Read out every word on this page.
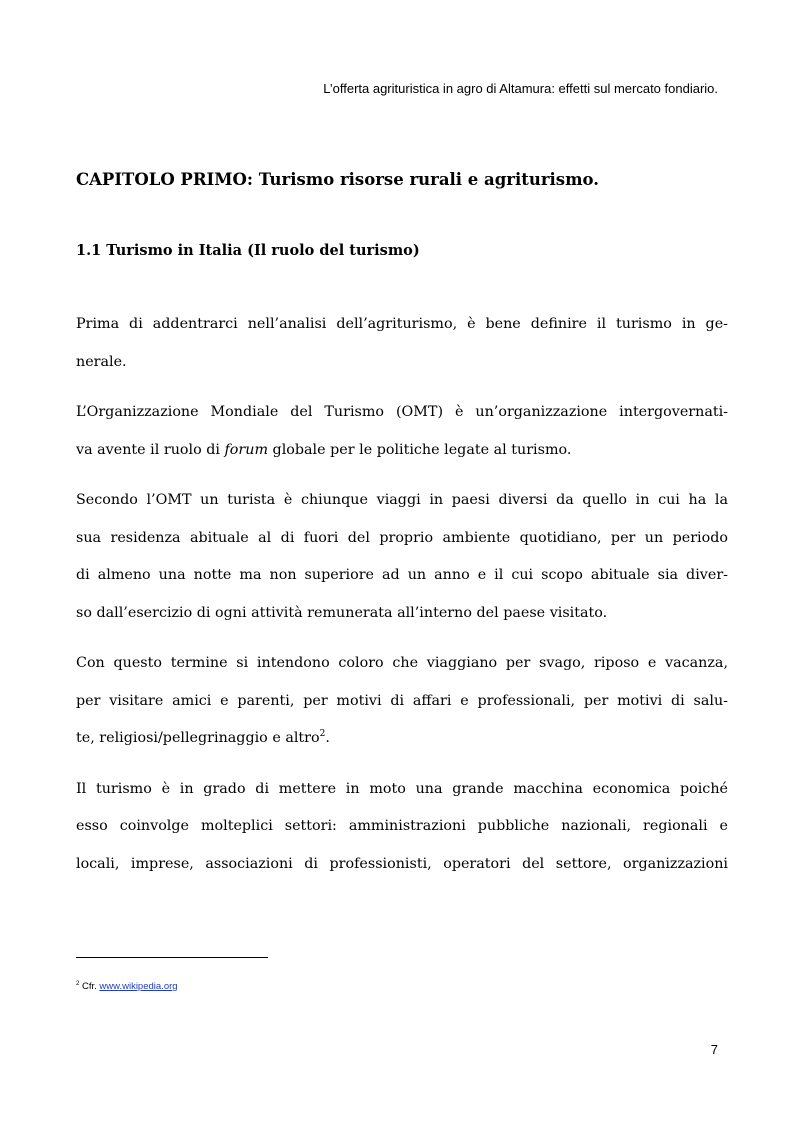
L’offerta agrituristica in agro di Altamura: effetti sul mercato fondiario.
CAPITOLO PRIMO: Turismo risorse rurali e agriturismo.
1.1 Turismo in Italia (Il ruolo del turismo)

Prima di addentrarci nell’analisi dell’agriturismo, è bene definire il turismo in ge-
nerale.

L’Organizzazione Mondiale del Turismo (OMT) è un’organizzazione intergovernati-
va avente il ruolo di forum globale per le politiche legate al turismo.

Secondo l’OMT un turista è chiunque viaggi in paesi diversi da quello in cui ha la
sua residenza abituale al di fuori del proprio ambiente quotidiano, per un periodo
di almeno una notte ma non superiore ad un anno e il cui scopo abituale sia diver-
so dall’esercizio di ogni attività remunerata all’interno del paese visitato.

Con questo termine si intendono coloro che viaggiano per svago, riposo e vacanza,
per visitare amici e parenti, per motivi di affari e professionali, per motivi di salu-
te, religiosi/pellegrinaggio e altro$^2$.

Il turismo è in grado di mettere in moto una grande macchina economica poiché
esso coinvolge molteplici settori: amministrazioni pubbliche nazionali, regionali e
locali, imprese, associazioni di professionisti, operatori del settore, organizzazioni

$^2$ Cfr. www.wikipedia.org
7
